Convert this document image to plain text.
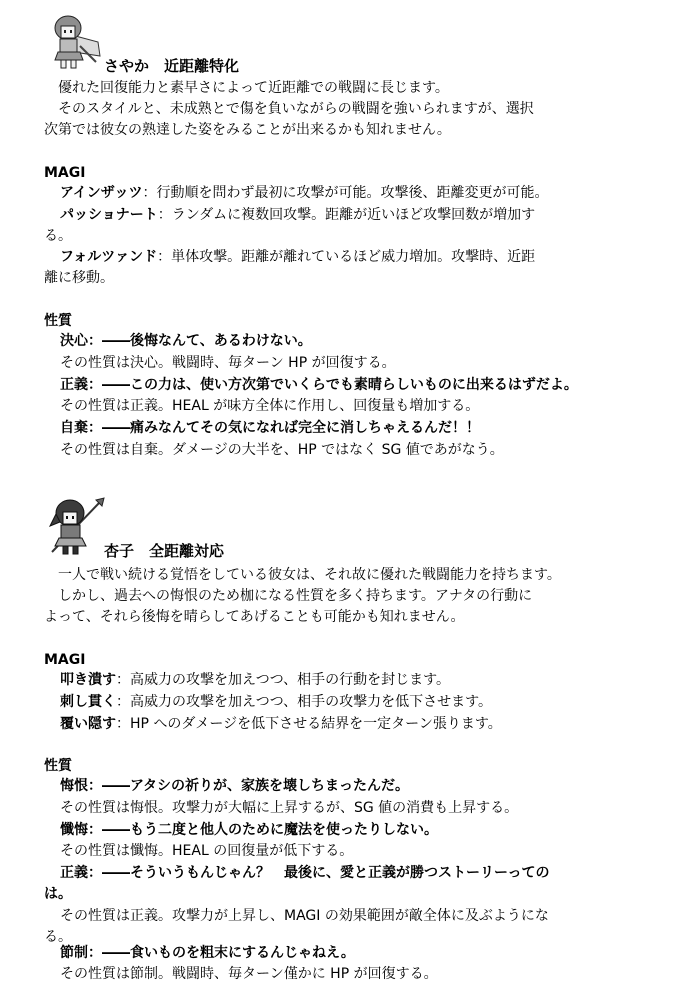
さやか　近距離特化
　優れた回復能力と素早さによって近距離での戦闘に長じます。
　そのスタイルと、未成熟とで傷を負いながらの戦闘を強いられますが、選択
次第では彼女の熟達した姿をみることが出来るかも知れません。
MAGI
アインザッツ：行動順を問わず最初に攻撃が可能。攻撃後、距離変更が可能。
パッショナート：ランダムに複数回攻撃。距離が近いほど攻撃回数が増加す
る。
フォルツァンド：単体攻撃。距離が離れているほど威力増加。攻撃時、近距
離に移動。
性質
決心：――後悔なんて、あるわけない。
その性質は決心。戦闘時、毎ターン HP が回復する。
正義：――この力は、使い方次第でいくらでも素晴らしいものに出来るはずだよ。
その性質は正義。HEAL が味方全体に作用し、回復量も増加する。
自棄：――痛みなんてその気になれば完全に消しちゃえるんだ！！
その性質は自棄。ダメージの大半を、HP ではなく SG 値であがなう。
杏子　全距離対応
　一人で戦い続ける覚悟をしている彼女は、それ故に優れた戦闘能力を持ちます。
　しかし、過去への悔恨のため枷になる性質を多く持ちます。アナタの行動に
よって、それら後悔を晴らしてあげることも可能かも知れません。
MAGI
叩き潰す：高威力の攻撃を加えつつ、相手の行動を封じます。
刺し貫く：高威力の攻撃を加えつつ、相手の攻撃力を低下させます。
覆い隠す：HP へのダメージを低下させる結界を一定ターン張ります。
性質
悔恨：――アタシの祈りが、家族を壊しちまったんだ。
その性質は悔恨。攻撃力が大幅に上昇するが、SG 値の消費も上昇する。
懺悔：――もう二度と他人のために魔法を使ったりしない。
その性質は懺悔。HEAL の回復量が低下する。
正義：――そういうもんじゃん？　最後に、愛と正義が勝つストーリーっての
は。
その性質は正義。攻撃力が上昇し、MAGI の効果範囲が敵全体に及ぶようにな
る。
節制：――食いものを粗末にするんじゃねえ。
その性質は節制。戦闘時、毎ターン僅かに HP が回復する。
